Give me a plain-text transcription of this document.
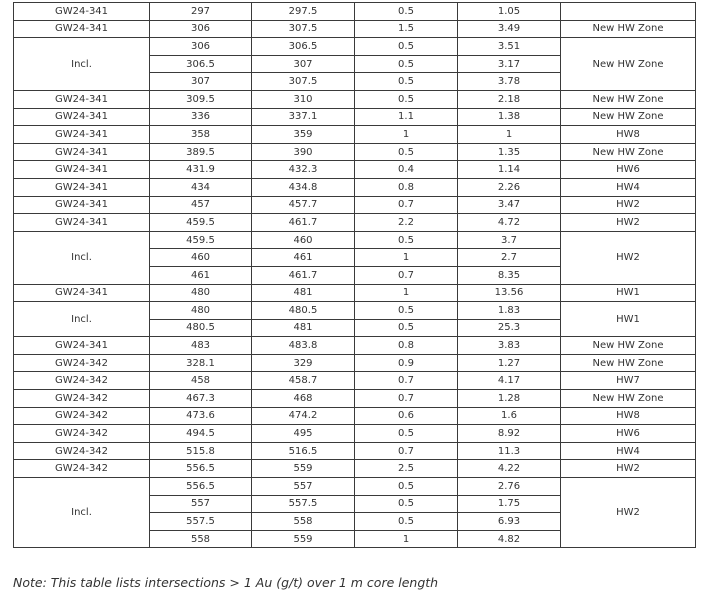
GW24-341	297	297.5	0.5	1.05	
GW24-341	306	307.5	1.5	3.49	New HW Zone
Incl.	306	306.5	0.5	3.51	New HW Zone
	306.5	307	0.5	3.17	
	307	307.5	0.5	3.78	
GW24-341	309.5	310	0.5	2.18	New HW Zone
GW24-341	336	337.1	1.1	1.38	New HW Zone
GW24-341	358	359	1	1	HW8
GW24-341	389.5	390	0.5	1.35	New HW Zone
GW24-341	431.9	432.3	0.4	1.14	HW6
GW24-341	434	434.8	0.8	2.26	HW4
GW24-341	457	457.7	0.7	3.47	HW2
GW24-341	459.5	461.7	2.2	4.72	HW2
Incl.	459.5	460	0.5	3.7	HW2
	460	461	1	2.7	
	461	461.7	0.7	8.35	
GW24-341	480	481	1	13.56	HW1
Incl.	480	480.5	0.5	1.83	HW1
	480.5	481	0.5	25.3	
GW24-341	483	483.8	0.8	3.83	New HW Zone
GW24-342	328.1	329	0.9	1.27	New HW Zone
GW24-342	458	458.7	0.7	4.17	HW7
GW24-342	467.3	468	0.7	1.28	New HW Zone
GW24-342	473.6	474.2	0.6	1.6	HW8
GW24-342	494.5	495	0.5	8.92	HW6
GW24-342	515.8	516.5	0.7	11.3	HW4
GW24-342	556.5	559	2.5	4.22	HW2
Incl.	556.5	557	0.5	2.76	HW2
	557	557.5	0.5	1.75	
	557.5	558	0.5	6.93	
	558	559	1	4.82	

Note: This table lists intersections > 1 Au (g/t) over 1 m core length
